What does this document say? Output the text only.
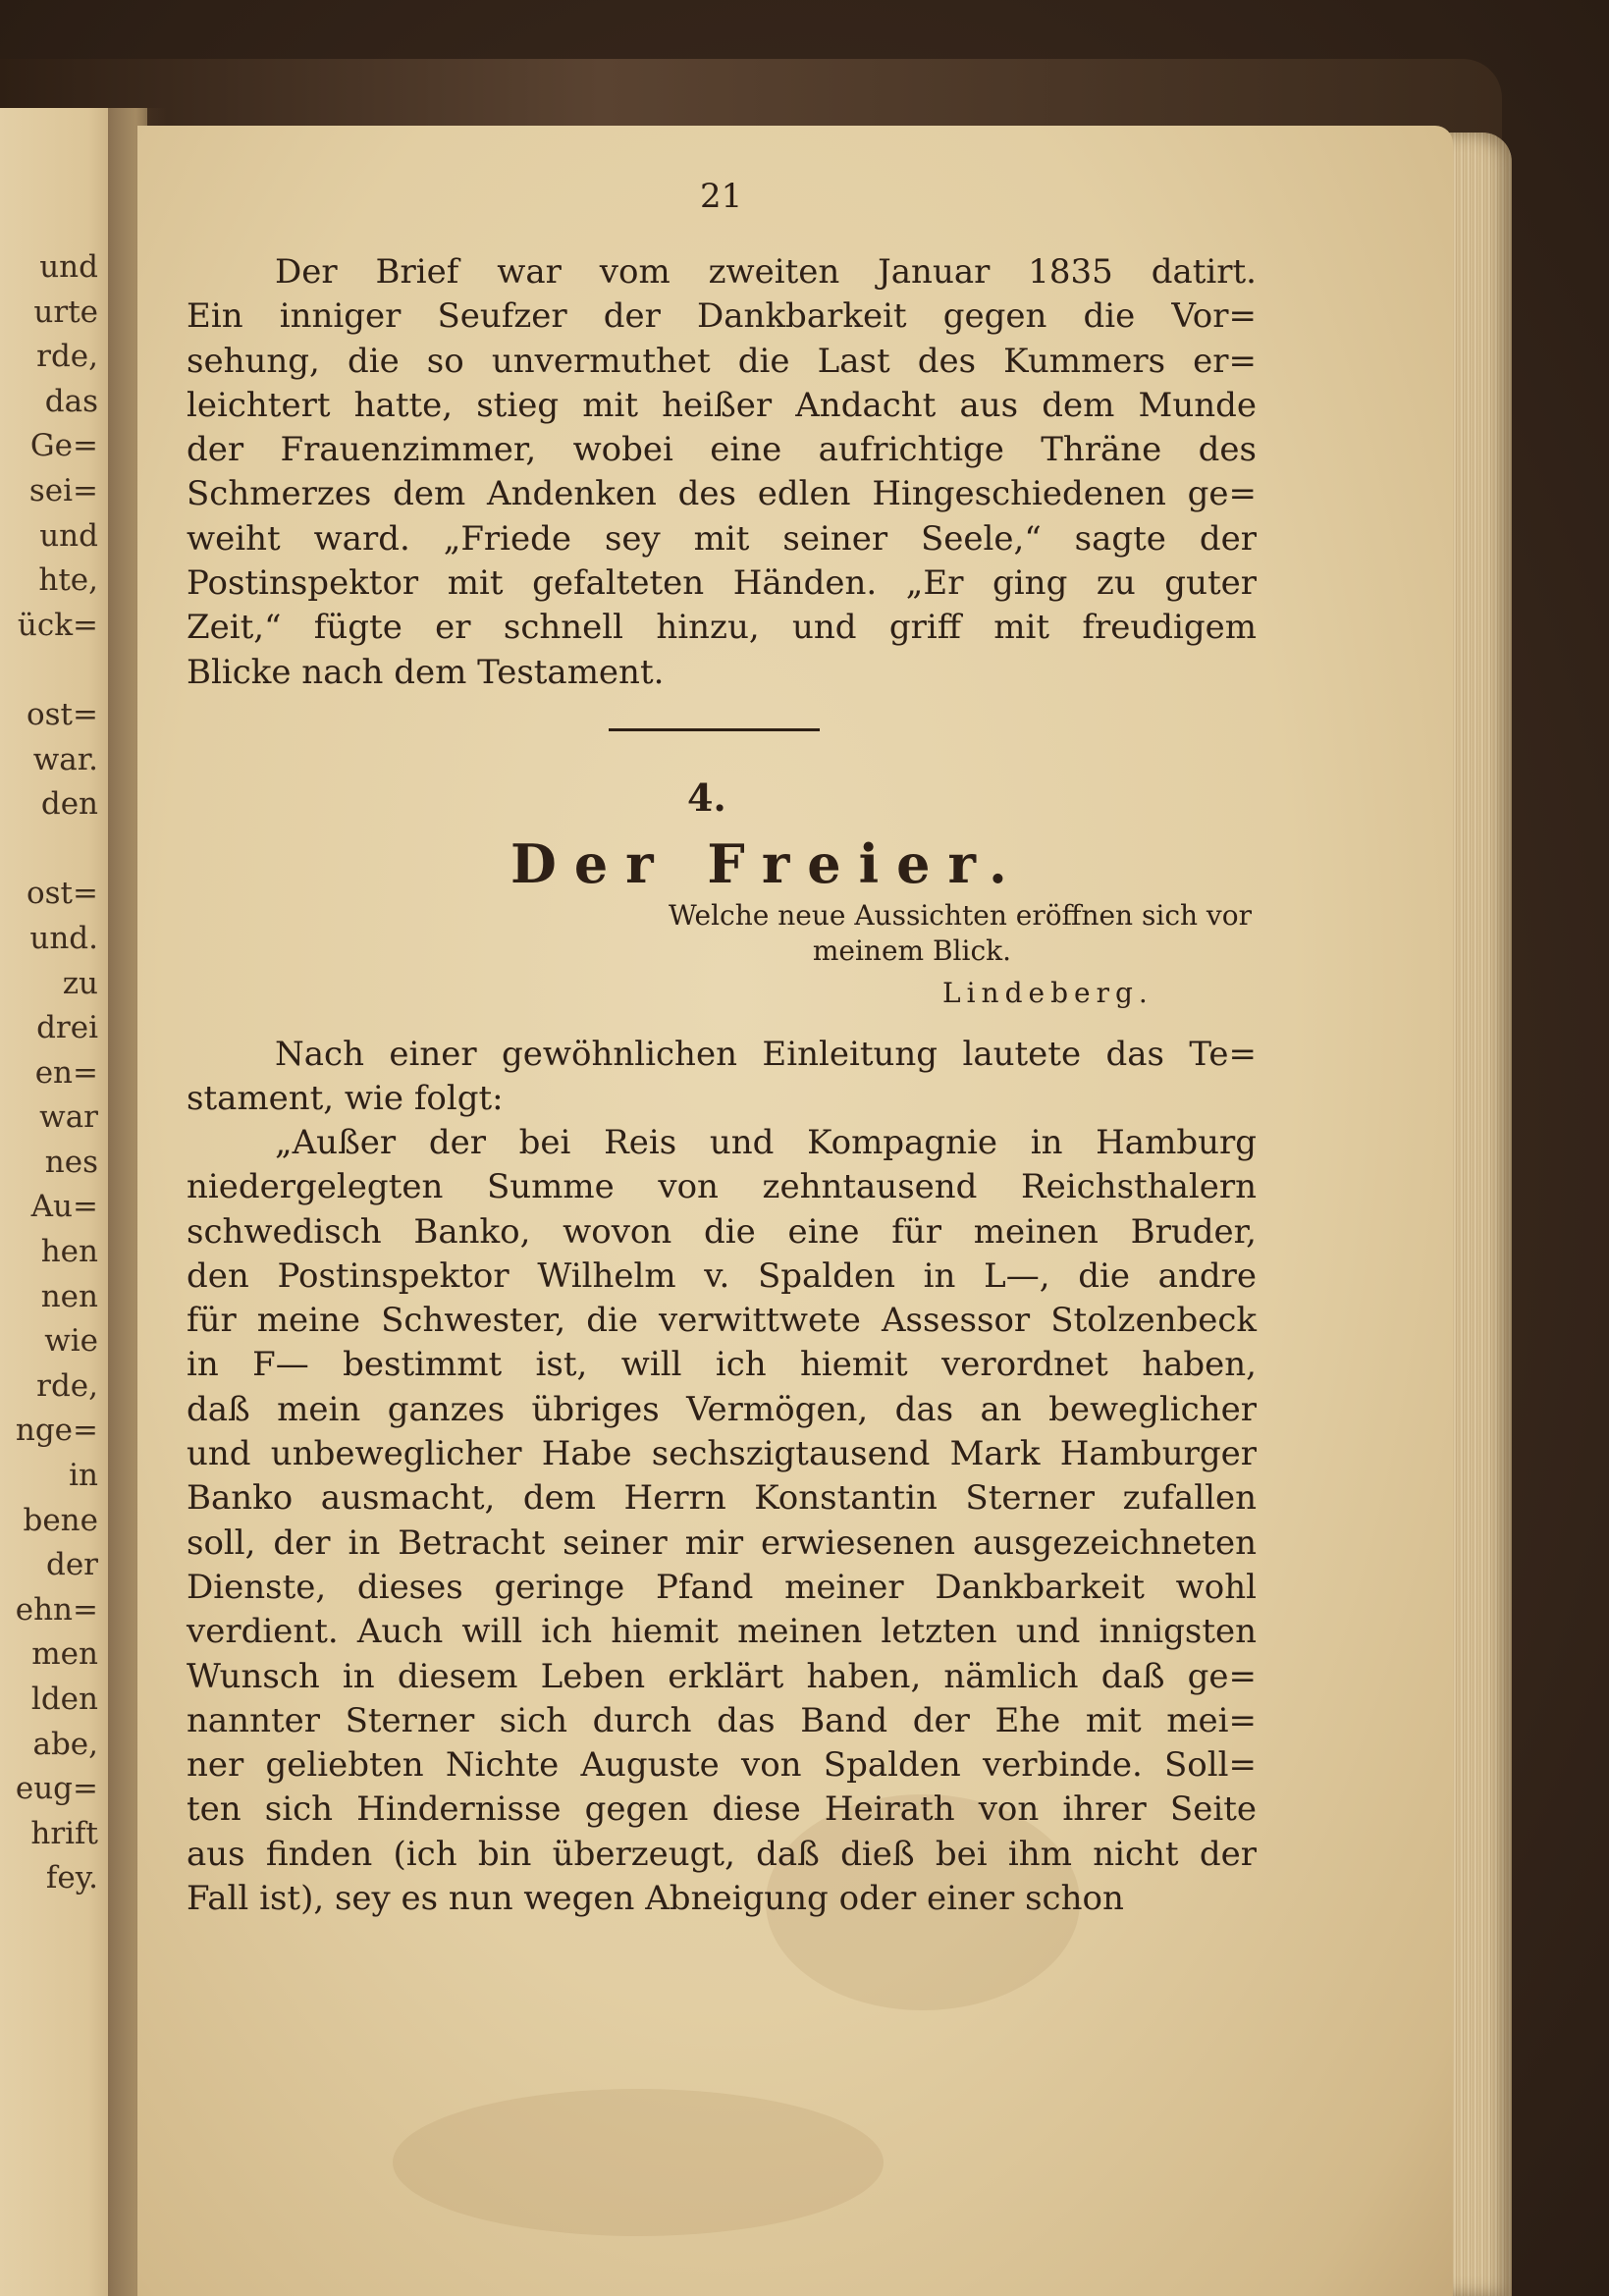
und
urte
rde,
das
Ge=
sei=
und
hte,
ück=

ost=
war.
den

ost=
und.
zu
drei
en=
war
nes
Au=
hen
nen
wie
rde,
nge=
in
bene
der
ehn=
men
lden
abe,
eug=
hrift
fey.
21
Der Brief war vom zweiten Januar 1835 datirt.
Ein inniger Seufzer der Dankbarkeit gegen die Vor=
sehung, die so unvermuthet die Last des Kummers er=
leichtert hatte, stieg mit heißer Andacht aus dem Munde
der Frauenzimmer, wobei eine aufrichtige Thräne des
Schmerzes dem Andenken des edlen Hingeschiedenen ge=
weiht ward. „Friede sey mit seiner Seele,“ sagte der
Postinspektor mit gefalteten Händen. „Er ging zu guter
Zeit,“ fügte er schnell hinzu, und griff mit freudigem
Blicke nach dem Testament.
4.
Der Freier.
Welche neue Aussichten eröffnen sich vor
meinem Blick.
Lindeberg.
Nach einer gewöhnlichen Einleitung lautete das Te=
stament, wie folgt:
„Außer der bei Reis und Kompagnie in Hamburg
niedergelegten Summe von zehntausend Reichsthalern
schwedisch Banko, wovon die eine für meinen Bruder,
den Postinspektor Wilhelm v. Spalden in L—, die andre
für meine Schwester, die verwittwete Assessor Stolzenbeck
in F— bestimmt ist, will ich hiemit verordnet haben,
daß mein ganzes übriges Vermögen, das an beweglicher
und unbeweglicher Habe sechszigtausend Mark Hamburger
Banko ausmacht, dem Herrn Konstantin Sterner zufallen
soll, der in Betracht seiner mir erwiesenen ausgezeichneten
Dienste, dieses geringe Pfand meiner Dankbarkeit wohl
verdient. Auch will ich hiemit meinen letzten und innigsten
Wunsch in diesem Leben erklärt haben, nämlich daß ge=
nannter Sterner sich durch das Band der Ehe mit mei=
ner geliebten Nichte Auguste von Spalden verbinde. Soll=
ten sich Hindernisse gegen diese Heirath von ihrer Seite
aus finden (ich bin überzeugt, daß dieß bei ihm nicht der
Fall ist), sey es nun wegen Abneigung oder einer schon
